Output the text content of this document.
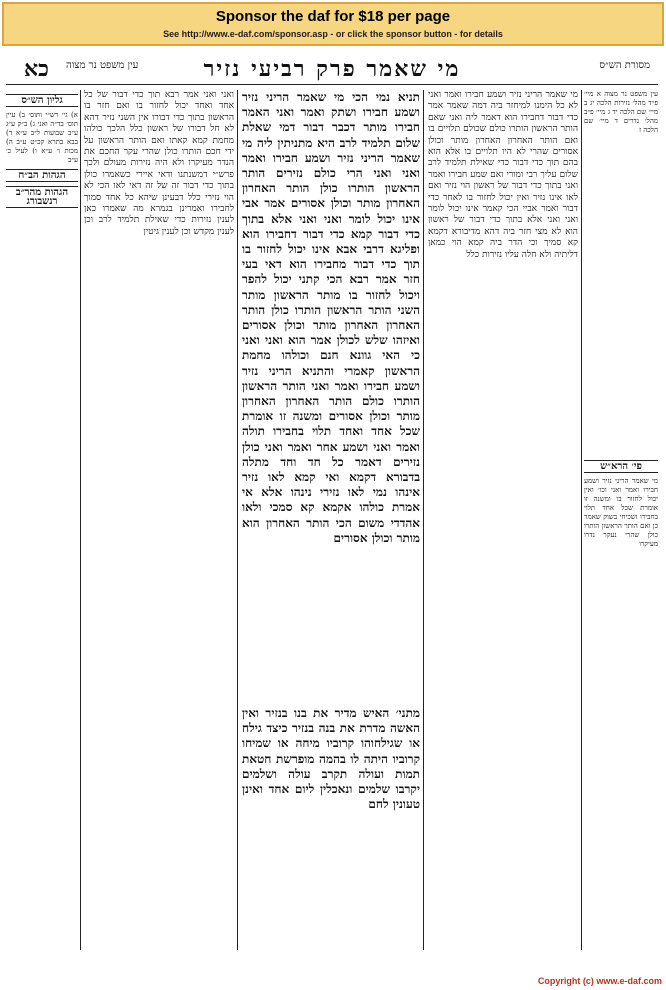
Sponsor the daf for $18 per page
See http://www.e-daf.com/sponsor.asp - or click the sponsor button - for details
מסורת הש״ס
מי שאמר פרק רביעי נזיר
עין משפט נר מצוה
כא

עין משפט נר מצוה א מיי׳ פ״ד מהל׳ נזירות הלכה יג ב מיי׳ שם הלכה יד ג מיי׳ פ״ב מהל׳ נדרים ד מיי׳ שם הלכה ז

מי שאמר הריני נזיר ושמע חבירו ואמר ואני לא כל הימנו למיחזר ביה דמה שאמר אמר כדי דבור דחבירו הוא דאמר ליה ואני שאם הותר הראשון הותרו כולם שכולם תלויים בו ואם הותר האחרון האחרון מותר וכולן אסורים שהרי לא היו תלויים בו אלא הוא בהם תוך כדי דבור כדי שאילת תלמיד לרב שלום עליך רבי ומורי ואם שמע חבירו ואמר ואני בתוך כדי דבור של ראשון הוי נזיר ואם לאו אינו נזיר ואין יכול לחזור בו לאחר כדי דבור ואמר אביי הכי קאמר אינו יכול לומר ואני ואני אלא בתוך כדי דבור של ראשון הוא לא מצי חזר ביה דהא מדיבורא דקמא קא סמיך וכי הדר ביה קמא הוי כמאן דליתיה ולא חלה עליו נזירות כלל

תניא נמי הכי מי שאמר הריני נזיר ושמע חבירו ושתק ואמר ואני האמר חבירו מותר דכבר דבור דמי שאלת שלום תלמיד לרב היא מתניתין ליה מי שאמר הריני נזיר ושמע חבירו ואמר ואני ואני הרי כולם נזירים הותר הראשון הותרו כולן הותר האחרון האחרון מותר וכולן אסורים אמר אבי אינו יכול לומר ואני ואני אלא בתוך כדי דבור קמא כדי דבור דחבירו הוא ופליגא דרבי אבא אינו יכול לחזור בו תוך כדי דבור מחבירו הוא דאי בעי חזר אמר רבא הכי קתני יכול להפר ויכול לחזור בו מותר הראשון מותר השני הותר הראשון הותרו כולן הותר האחרון האחרון מותר וכולן אסורים ואיזהו שלש לכולן אמר הוא ואני ואני כי האי גוונא חנם וכולהו מחמת הראשון קאמרי והתניא הריני נזיר ושמע חבירו ואמר ואני הותר הראשון הותרו כולם הותר האחרון האחרון מותר וכולן אסורים ומשנה זו אומרת שכל אחד ואחד תלוי בחבירו תולה ואמר ואני ושמע אחר ואמר ואני כולן נזירים דאמר כל חד וחד מתלה בדבורא דקמא ואי קמא לאו נזיר אינהו נמי לאו נזירי נינהו אלא אי אמרת כולהו אקמא קא סמכי ולאו אהדדי משום הכי הותר האחרון הוא מותר וכולן אסורים

מתני׳ האיש מדיר את בנו בנזיר ואין האשה מדרת את בנה בנזיר כיצד גילח או שגילחוהו קרוביו מיחה או שמיחו קרוביו היתה לו בהמה מופרשת חטאת תמות ועולה תקרב עולה ושלמים יקרבו שלמים ונאכלין ליום אחד ואינן טעונין לחם

ואני ואני אמר רבא תוך כדי דבור של כל אחד ואחד יכול לחזור בו ואם חזר בו הראשון בתוך כדי דבורו אין השני נזיר דהא לא חל דבורו של ראשון כלל הלכך כולהו מחמת קמא קאתו ואם הותר הראשון על ידי חכם הותרו כולן שהרי עקר החכם את הנדר מעיקרו ולא היה נזירות מעולם ולכך פרש״י דמשנתנו ודאי איירי כשאמרו כולן בתוך כדי דבור זה של זה דאי לאו הכי לא הוי נזירי כלל דבעינן שיהא כל אחד סמוך לחבירו ואמרינן בגמרא מה שאמרו כאן לענין נזירות כדי שאילת תלמיד לרב וכן לענין מקדש וכן לענין גיטין

גליון הש״ס

א) גי׳ רש״י ותוס׳ ב) עיין תוס׳ בד״ה ואני ג) ב״ק ע״ג ע״ב שבועות ל״ב ע״א ד) בבא בתרא קכ״ט ע״ב ה) מכות ו׳ ע״א ו) לעיל כ׳ ע״ב

הגהות הב״ח
הגהות מהר״ב רנשבורג
פי׳ הרא״ש

מי שאמר הריני נזיר ושמע חבירו ואמר ואני וכו׳ ואין יכול לחזור בו ומשנה זו אומרת שכל אחד תלוי בחבירו ושכיחי בשוק שאמר כן ואם הותר הראשון הותרו כולן שהרי נעקר נדרו מעיקרו

Copyright (c) www.e-daf.com
